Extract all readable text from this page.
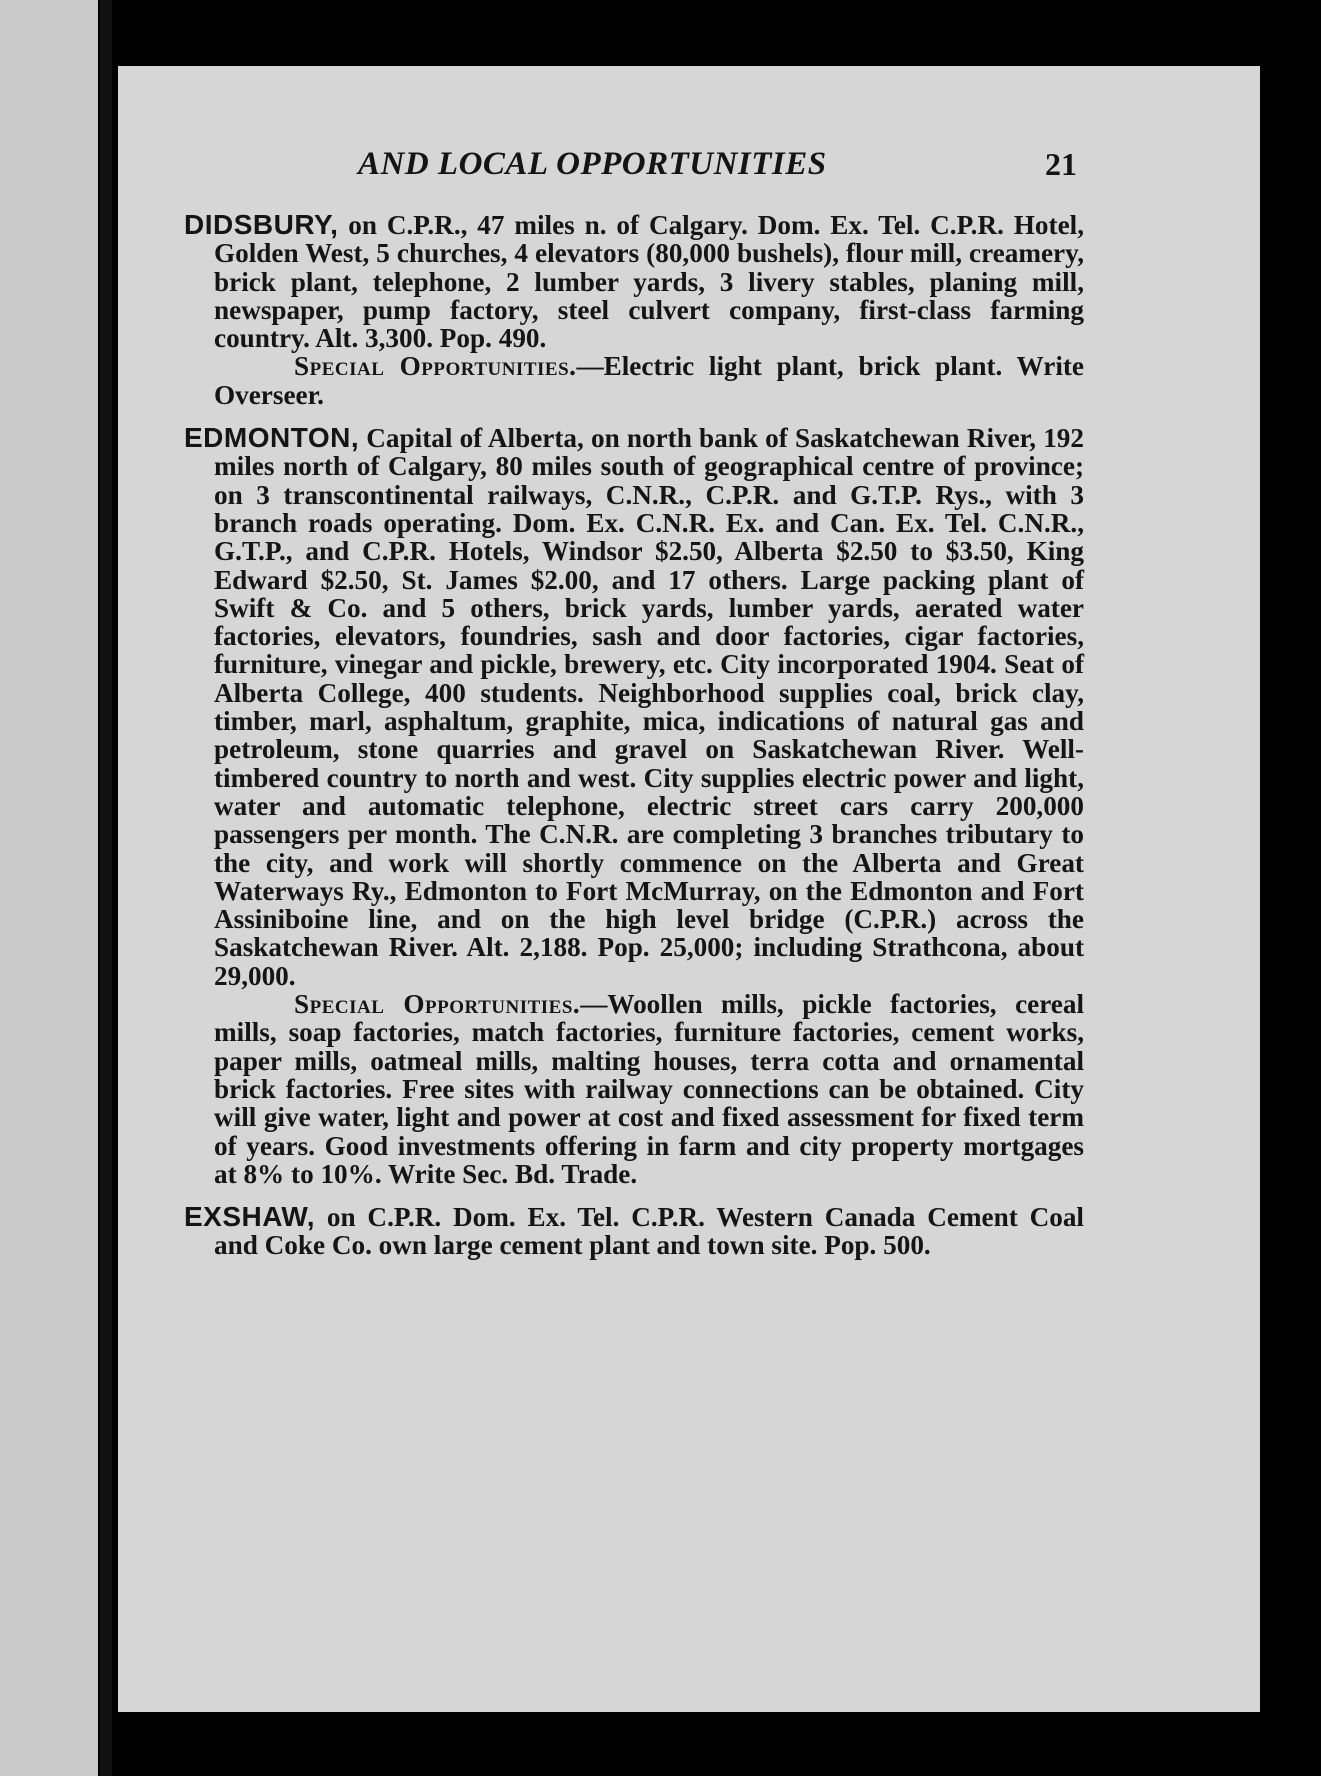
AND LOCAL OPPORTUNITIES	21

DIDSBURY, on C.P.R., 47 miles n. of Calgary. Dom. Ex. Tel. C.P.R. Hotel, Golden West, 5 churches, 4 elevators (80,000 bushels), flour mill, creamery, brick plant, telephone, 2 lumber yards, 3 livery stables, planing mill, newspaper, pump factory, steel culvert company, first-class farming country. Alt. 3,300. Pop. 490.

Special Opportunities.—Electric light plant, brick plant. Write Overseer.

EDMONTON, Capital of Alberta, on north bank of Saskatchewan River, 192 miles north of Calgary, 80 miles south of geographical centre of province; on 3 transcontinental railways, C.N.R., C.P.R. and G.T.P. Rys., with 3 branch roads operating. Dom. Ex. C.N.R. Ex. and Can. Ex. Tel. C.N.R., G.T.P., and C.P.R. Hotels, Windsor $2.50, Alberta $2.50 to $3.50, King Edward $2.50, St. James $2.00, and 17 others. Large packing plant of Swift & Co. and 5 others, brick yards, lumber yards, aerated water factories, elevators, foundries, sash and door factories, cigar factories, furniture, vinegar and pickle, brewery, etc. City incorporated 1904. Seat of Alberta College, 400 students. Neighborhood supplies coal, brick clay, timber, marl, asphaltum, graphite, mica, indications of natural gas and petroleum, stone quarries and gravel on Saskatchewan River. Well-timbered country to north and west. City supplies electric power and light, water and automatic telephone, electric street cars carry 200,000 passengers per month. The C.N.R. are completing 3 branches tributary to the city, and work will shortly commence on the Alberta and Great Waterways Ry., Edmonton to Fort McMurray, on the Edmonton and Fort Assiniboine line, and on the high level bridge (C.P.R.) across the Saskatchewan River. Alt. 2,188. Pop. 25,000; including Strathcona, about 29,000.

Special Opportunities.—Woollen mills, pickle factories, cereal mills, soap factories, match factories, furniture factories, cement works, paper mills, oatmeal mills, malting houses, terra cotta and ornamental brick factories. Free sites with railway connections can be obtained. City will give water, light and power at cost and fixed assessment for fixed term of years. Good investments offering in farm and city property mortgages at 8% to 10%. Write Sec. Bd. Trade.

EXSHAW, on C.P.R. Dom. Ex. Tel. C.P.R. Western Canada Cement Coal and Coke Co. own large cement plant and town site. Pop. 500.
